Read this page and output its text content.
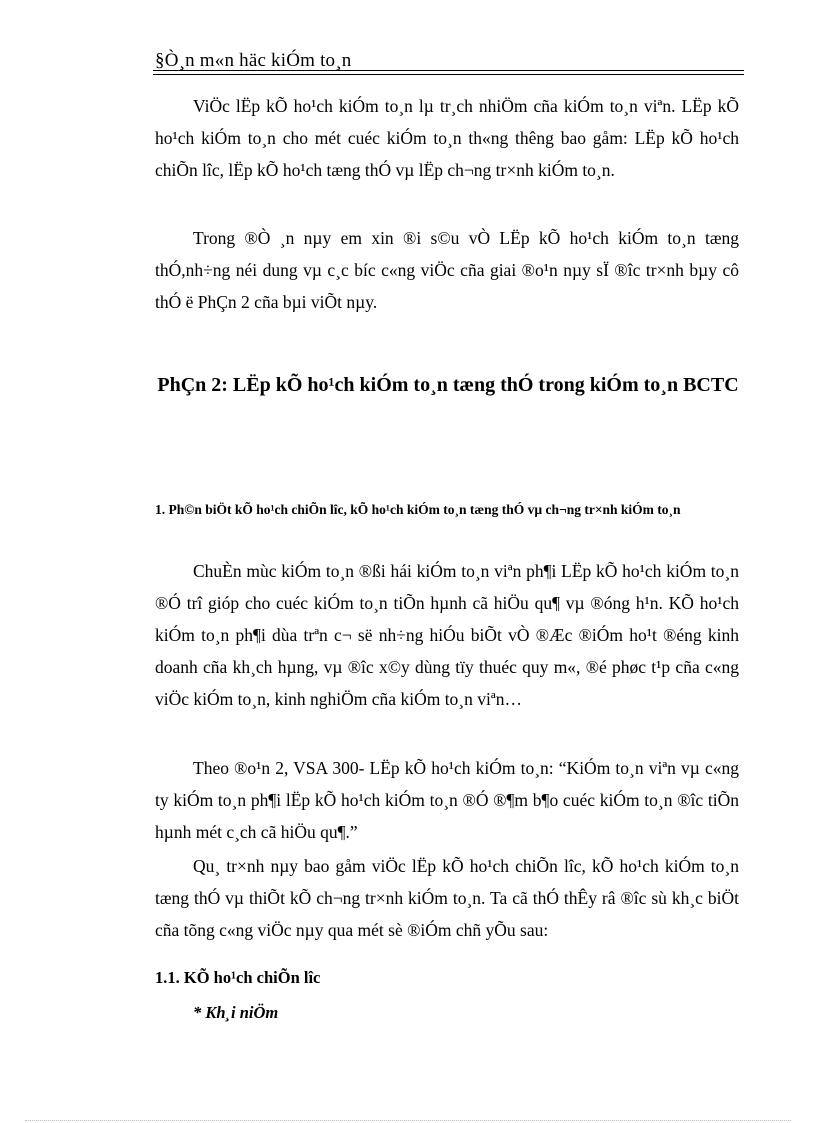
§Ò¸n m«n häc kiÓm to¸n

ViÖc lËp kÕ ho¹ch kiÓm to¸n lµ tr¸ch nhiÖm cña kiÓm to¸n viªn. LËp kÕ ho¹ch kiÓm to¸n cho mét cuéc kiÓm to¸n th«ng thêng bao gåm: LËp kÕ ho¹ch chiÕn lîc, lËp kÕ ho¹ch tæng thÓ vµ lËp ch¬ng tr×nh kiÓm to¸n.

Trong ®Ò ¸n nµy em xin ®i s©u vÒ LËp kÕ ho¹ch kiÓm to¸n tæng thÓ,nh÷ng néi dung vµ c¸c bíc c«ng viÖc cña giai ®o¹n nµy sÏ ®îc tr×nh bµy cô thÓ ë PhÇn 2 cña bµi viÕt nµy.

PhÇn 2: LËp kÕ ho¹ch kiÓm to¸n tæng thÓ trong kiÓm to¸n BCTC
1. Ph©n biÖt kÕ ho¹ch chiÕn lîc, kÕ ho¹ch kiÓm to¸n tæng thÓ vµ ch¬ng tr×nh kiÓm to¸n

ChuÈn mùc kiÓm to¸n ®ßi hái kiÓm to¸n viªn ph¶i LËp kÕ ho¹ch kiÓm to¸n ®Ó trî gióp cho cuéc kiÓm to¸n tiÕn hµnh cã hiÖu qu¶ vµ ®óng h¹n. KÕ ho¹ch kiÓm to¸n ph¶i dùa trªn c¬ së nh÷ng hiÓu biÕt vÒ ®Æc ®iÓm ho¹t ®éng kinh doanh cña kh¸ch hµng, vµ ®îc x©y dùng tïy thuéc quy m«, ®é phøc t¹p cña c«ng viÖc kiÓm to¸n, kinh nghiÖm cña kiÓm to¸n viªn…

Theo ®o¹n 2, VSA 300- LËp kÕ ho¹ch kiÓm to¸n: “KiÓm to¸n viªn vµ c«ng ty kiÓm to¸n ph¶i lËp kÕ ho¹ch kiÓm to¸n ®Ó ®¶m b¶o cuéc kiÓm to¸n ®îc tiÕn hµnh mét c¸ch cã hiÖu qu¶.”

Qu¸ tr×nh nµy bao gåm viÖc lËp kÕ ho¹ch chiÕn lîc, kÕ ho¹ch kiÓm to¸n tæng thÓ vµ thiÕt kÕ ch¬ng tr×nh kiÓm to¸n. Ta cã thÓ thÊy râ ®îc sù kh¸c biÖt cña tõng c«ng viÖc nµy qua mét sè ®iÓm chñ yÕu sau:

1.1. KÕ ho¹ch chiÕn lîc
* Kh¸i niÖm
